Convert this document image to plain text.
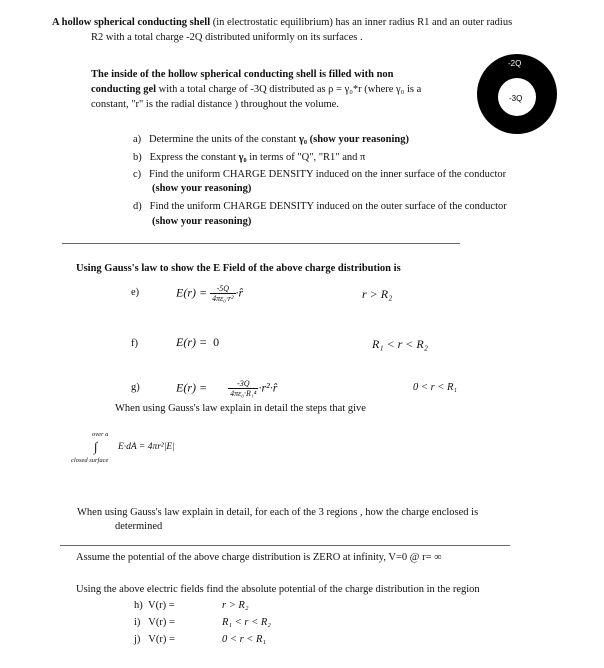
A hollow spherical conducting shell (in electrostatic equilibrium) has an inner radius R1 and an outer radius
R2 with a total charge -2Q distributed uniformly on its surfaces .
The inside of the hollow spherical conducting shell is filled with non
conducting gel with a total charge of -3Q distributed as ρ = γ₀*r (where γ₀ is a
constant, "r" is the radial distance ) throughout the volume.
-2Q
-3Q
a) Determine the units of the constant γ₀ (show your reasoning)
b) Express the constant γ₀ in terms of "Q", "R1" and π
c) Find the uniform CHARGE DENSITY induced on the inner surface of the conductor
(show your reasoning)
d) Find the uniform CHARGE DENSITY induced on the outer surface of the conductor
(show your reasoning)
Using Gauss's law to show the E Field of the above charge distribution is
e)	$E(r) = \frac{-5Q}{\text{4πε₀·r²}}$ ·r̂	r > R₂
f)	E(r) = 0	R₁ < r < R₂
g)	E(r) =	$\frac{-3Q}{\text{4πε₀·R₁⁴}}$ ·r²·r̂	0 < r < R₁
When using Gauss's law explain in detail the steps that give
over a
∫ E·dA = 4πr²|E|
closed surface
When using Gauss's law explain in detail, for each of the 3 regions , how the charge enclosed is
determined
Assume the potential of the above charge distribution is ZERO at infinity, V=0 @ r= ∞
Using the above electric fields find the absolute potential of the charge distribution in the region
h) V(r) =	r > R₂
i) V(r) =	R₁ < r < R₂
j) V(r) =	0 < r < R₁
